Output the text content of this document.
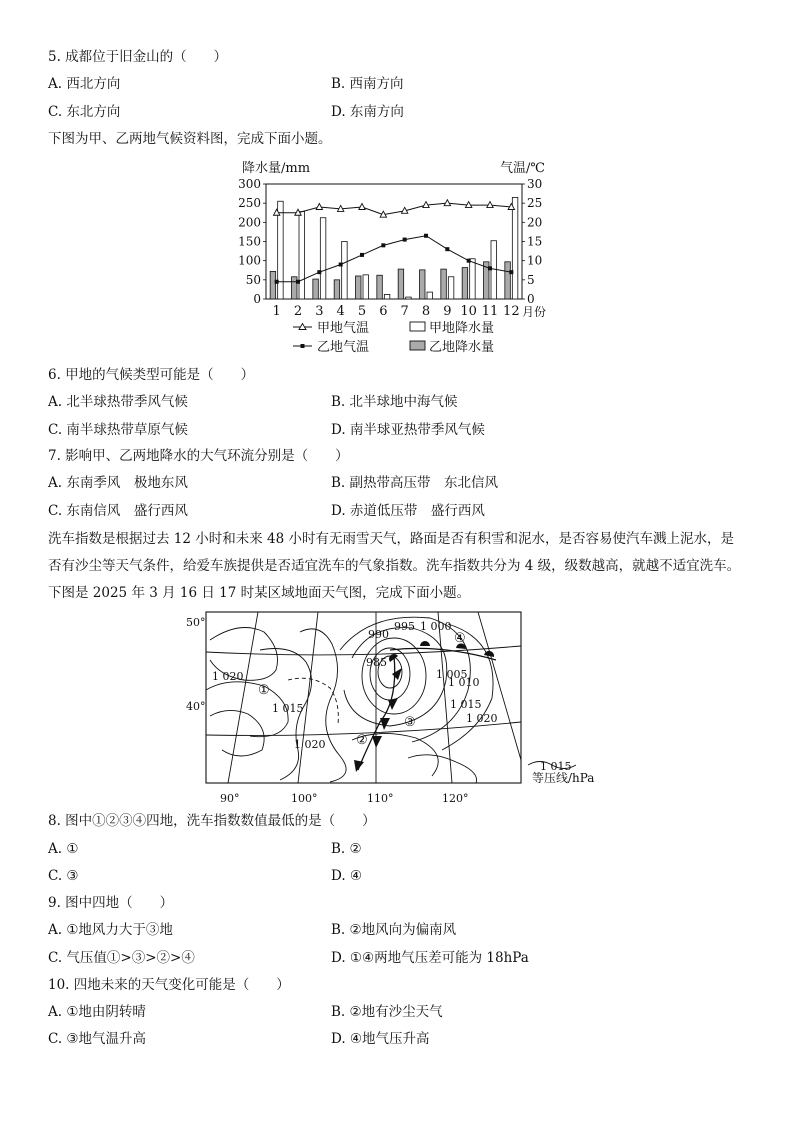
5. 成都位于旧金山的（　　）
A. 西北方向	B. 西南方向
C. 东北方向	D. 东南方向
下图为甲、乙两地气候资料图，完成下面小题。
降水量/mm	气温/℃
300
250
200
150
100
50
0
30
25
20
15
10
5
0
1 2 3 4 5 6 7 8 9 10 11 12 月份
甲地气温	甲地降水量
乙地气温	乙地降水量
6. 甲地的气候类型可能是（　　）
A. 北半球热带季风气候	B. 北半球地中海气候
C. 南半球热带草原气候	D. 南半球亚热带季风气候
7. 影响甲、乙两地降水的大气环流分别是（　　）
A. 东南季风　极地东风	B. 副热带高压带　东北信风
C. 东南信风　盛行西风	D. 赤道低压带　盛行西风
洗车指数是根据过去 12 小时和未来 48 小时有无雨雪天气，路面是否有积雪和泥水，是否容易使汽车溅上泥水，是
否有沙尘等天气条件，给爱车族提供是否适宜洗车的气象指数。洗车指数共分为 4 级，级数越高，就越不适宜洗车。
下图是 2025 年 3 月 16 日 17 时某区域地面天气图，完成下面小题。
50°
40°
90°	100°	110°	120°
990
995 1 000
985
1 020
1 015
1 005
1 010
1 015
1 020
1 020
①
②
③
④
1 015
等压线/hPa
8. 图中①②③④四地，洗车指数数值最低的是（　　）
A. ①	B. ②
C. ③	D. ④
9. 图中四地（　　）
A. ①地风力大于③地	B. ②地风向为偏南风
C. 气压值①>③>②>④	D. ①④两地气压差可能为 18hPa
10. 四地未来的天气变化可能是（　　）
A. ①地由阴转晴	B. ②地有沙尘天气
C. ③地气温升高	D. ④地气压升高
